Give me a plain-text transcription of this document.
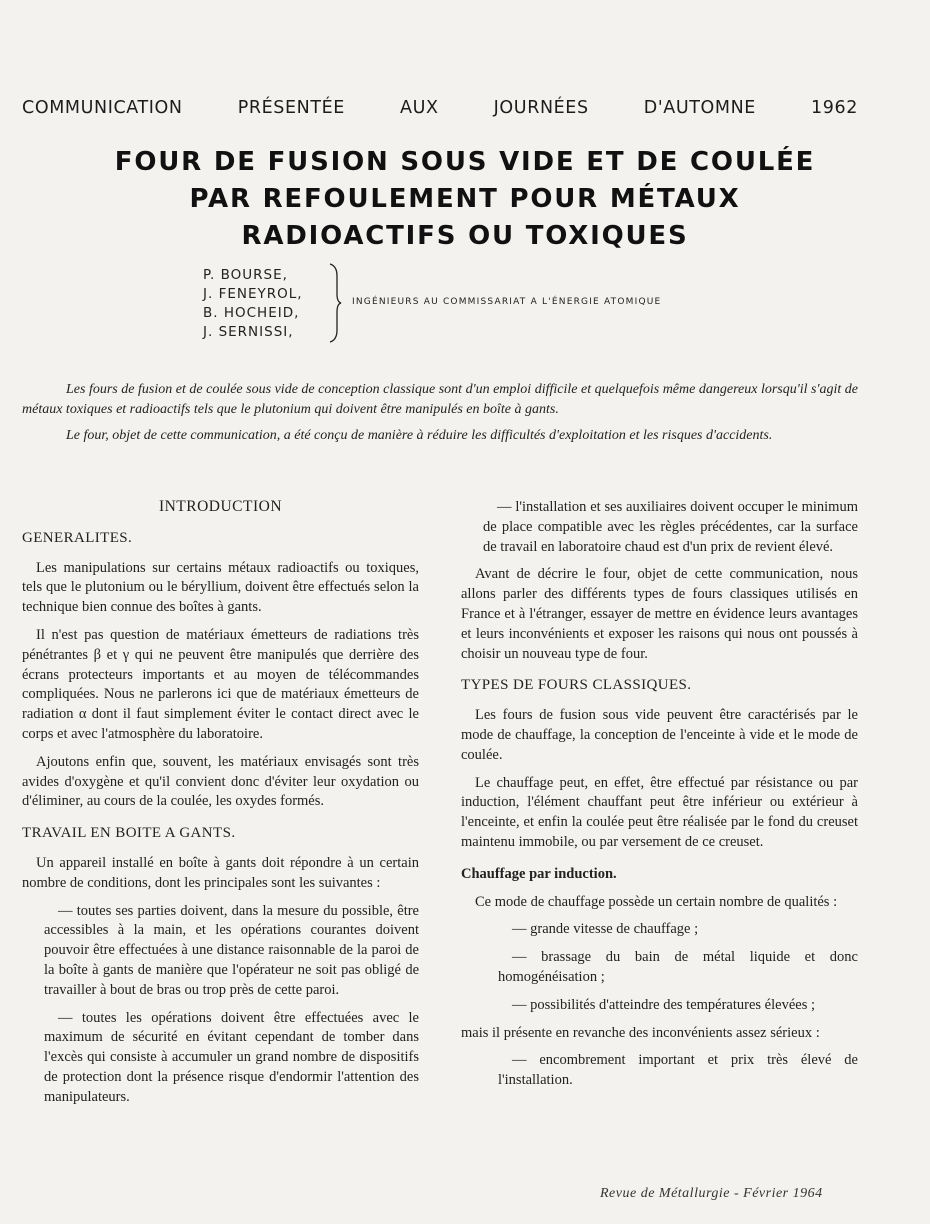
COMMUNICATION	PRÉSENTÉE	AUX	JOURNÉES	D'AUTOMNE	1962
FOUR DE FUSION SOUS VIDE ET DE COULÉE
PAR REFOULEMENT POUR MÉTAUX
RADIOACTIFS OU TOXIQUES
P. BOURSE,
J. FENEYROL,
B. HOCHEID,
J. SERNISSI,
INGÉNIEURS AU COMMISSARIAT A L'ÉNERGIE ATOMIQUE

Les fours de fusion et de coulée sous vide de conception classique sont d'un emploi difficile et quelquefois même dangereux lorsqu'il s'agit de métaux toxiques et radioactifs tels que le plutonium qui doivent être manipulés en boîte à gants.

Le four, objet de cette communication, a été conçu de manière à réduire les difficultés d'exploitation et les risques d'accidents.

INTRODUCTION
GENERALITES.

Les manipulations sur certains métaux radioactifs ou toxiques, tels que le plutonium ou le béryllium, doivent être effectués selon la technique bien connue des boîtes à gants.

Il n'est pas question de matériaux émetteurs de radiations très pénétrantes β et γ qui ne peuvent être manipulés que derrière des écrans protecteurs importants et au moyen de télécommandes compliquées. Nous ne parlerons ici que de matériaux émetteurs de radiation α dont il faut simplement éviter le contact direct avec le corps et avec l'atmosphère du laboratoire.

Ajoutons enfin que, souvent, les matériaux envisagés sont très avides d'oxygène et qu'il convient donc d'éviter leur oxydation ou d'éliminer, au cours de la coulée, les oxydes formés.

TRAVAIL EN BOITE A GANTS.

Un appareil installé en boîte à gants doit répondre à un certain nombre de conditions, dont les principales sont les suivantes :

— toutes ses parties doivent, dans la mesure du possible, être accessibles à la main, et les opérations courantes doivent pouvoir être effectuées à une distance raisonnable de la paroi de la boîte à gants de manière que l'opérateur ne soit pas obligé de travailler à bout de bras ou trop près de cette paroi.

— toutes les opérations doivent être effectuées avec le maximum de sécurité en évitant cependant de tomber dans l'excès qui consiste à accumuler un grand nombre de dispositifs de protection dont la présence risque d'endormir l'attention des manipulateurs.

— l'installation et ses auxiliaires doivent occuper le minimum de place compatible avec les règles précédentes, car la surface de travail en laboratoire chaud est d'un prix de revient élevé.

Avant de décrire le four, objet de cette communication, nous allons parler des différents types de fours classiques utilisés en France et à l'étranger, essayer de mettre en évidence leurs avantages et leurs inconvénients et exposer les raisons qui nous ont poussés à choisir un nouveau type de four.

TYPES DE FOURS CLASSIQUES.

Les fours de fusion sous vide peuvent être caractérisés par le mode de chauffage, la conception de l'enceinte à vide et le mode de coulée.

Le chauffage peut, en effet, être effectué par résistance ou par induction, l'élément chauffant peut être inférieur ou extérieur à l'enceinte, et enfin la coulée peut être réalisée par le fond du creuset maintenu immobile, ou par versement de ce creuset.

Chauffage par induction.

Ce mode de chauffage possède un certain nombre de qualités :

— grande vitesse de chauffage ;

— brassage du bain de métal liquide et donc homogénéisation ;

— possibilités d'atteindre des températures élevées ;

mais il présente en revanche des inconvénients assez sérieux :

— encombrement important et prix très élevé de l'installation.

Revue de Métallurgie - Février 1964
